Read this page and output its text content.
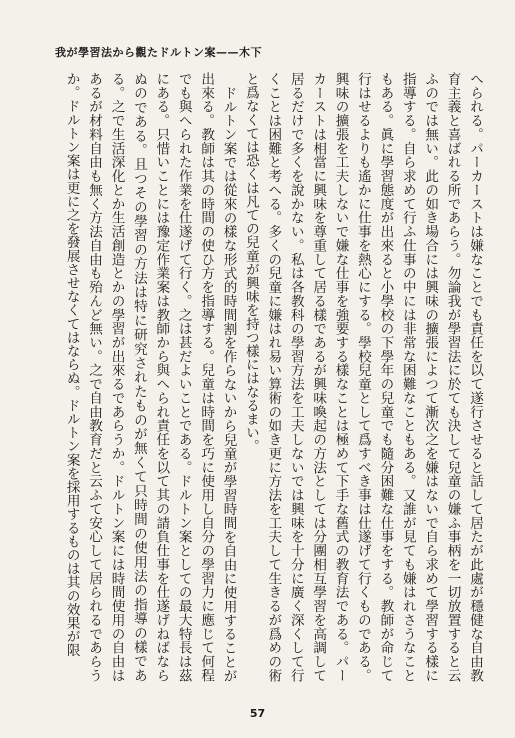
我が學習法から觀たドルトン案——木下

へられる。パーカーストは嫌なことでも責任を以て遂行させると話して居たが此處が穩健な自由教育主義と喜ばれる所であらう。勿論我が學習法に於ても決して兒童の嫌ふ事柄を一切放置すると云ふのでは無い。此の如き場合には興味の擴張によつて漸次之を嫌はないで自ら求めて學習する樣に指導する。自ら求めて行ふ仕事の中には非常な困難なこともある。又誰が見ても嫌はれさうなこともある。眞に學習態度が出來ると小學校の下學年の兒童でも隨分困難な仕事をする。教師が命じて行はせるよりも遙かに仕事を熱心にする。學校兒童として爲すべき事は仕遂げて行くものである。興味の擴張を工夫しないで嫌な仕事を強要する樣なことは極めて下手な舊式の教育法である。パーカーストは相當に興味を尊重して居る樣であるが興味喚起の方法としては分團相互學習を高調して居るだけで多くを說かない。私は各教科の學習方法を工夫しないでは興味を十分に廣く深くして行くことは困難と考へる。多くの兒童に嫌はれ易い算術の如き更に方法を工夫して生きるが爲めの術と爲なくては恐くは凡ての兒童が興味を持つ樣にはなるまい。

ドルトン案では從來の樣な形式的時間割を作らないから兒童が學習時間を自由に使用することが出來る。教師は其の時間の使ひ方を指導する。兒童は時間を巧に使用し自分の學習力に應じて何程でも與へられた作業を仕遂げて行く。之は甚だよいことである。ドルトン案としての最大特長は茲にある。只惜いことには豫定作業案は教師から與へられ責任を以て其の請負仕事を仕遂げねばならぬのである。且つその學習の方法は特に研究されたものが無くて只時間の使用法の指導の樣である。之で生活深化とか生活創造とかの學習が出來るであらうか。ドルトン案には時間使用の自由はあるが材料自由も無く方法自由も殆んど無い。之で自由教育だと云ふて安心して居られるであらうか。ドルトン案は更に之を發展させなくてはならぬ。ドルトン案を採用するものは其の效果が限

57
